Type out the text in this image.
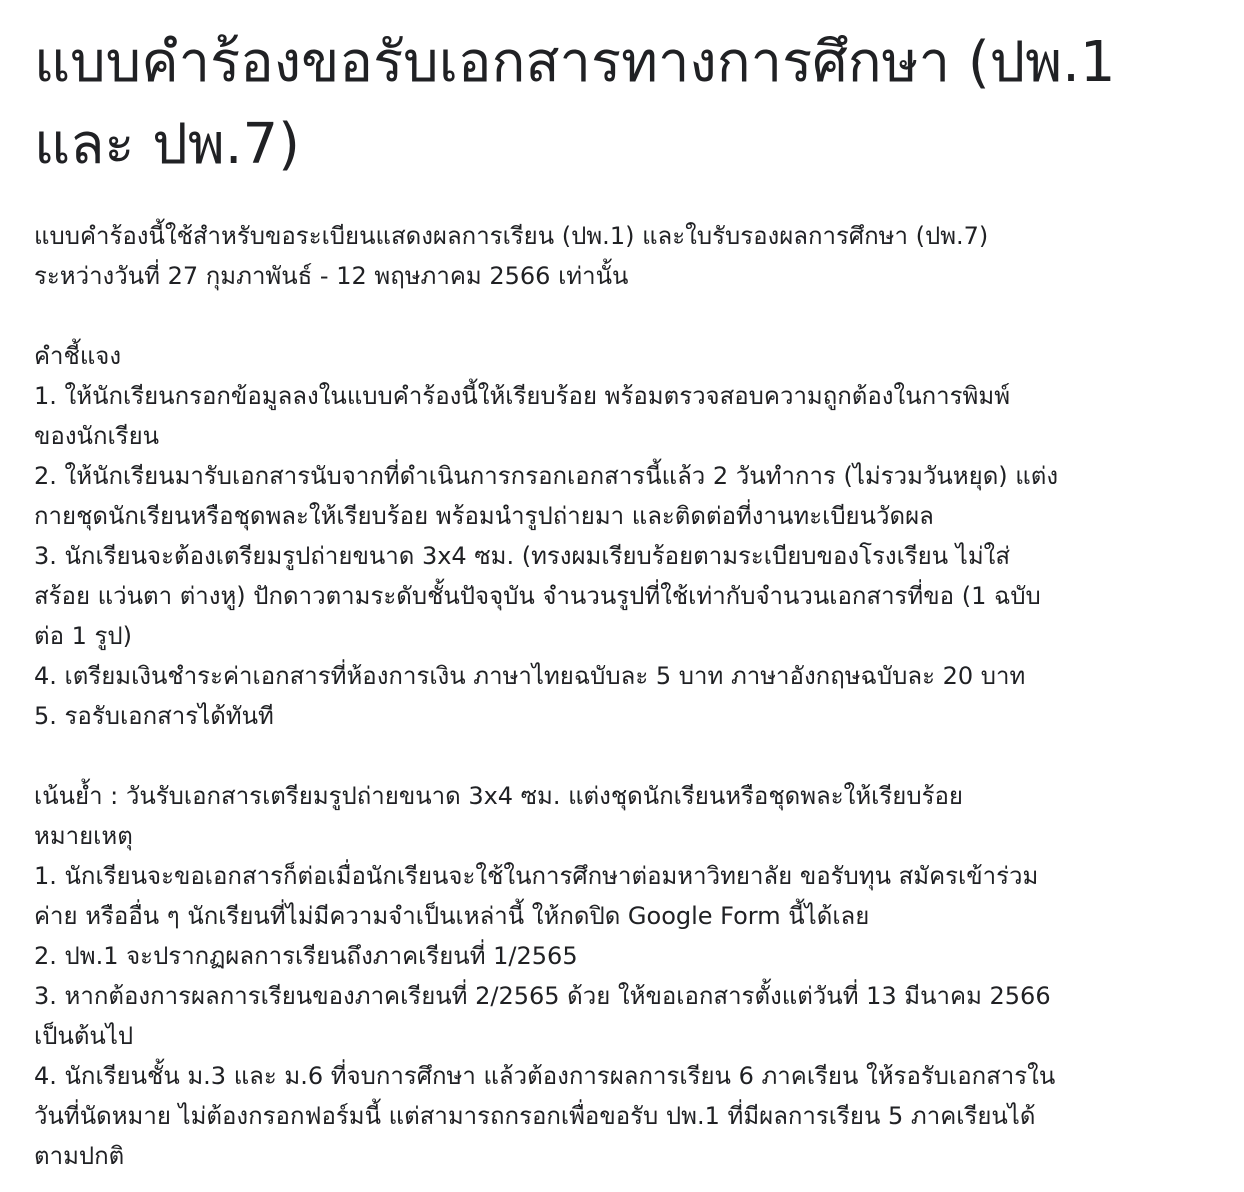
แบบคำร้องขอรับเอกสารทางการศึกษา (ปพ.1
และ ปพ.7)
แบบคำร้องนี้ใช้สำหรับขอระเบียนแสดงผลการเรียน (ปพ.1) และใบรับรองผลการศึกษา (ปพ.7)
ระหว่างวันที่ 27 กุมภาพันธ์ - 12 พฤษภาคม 2566 เท่านั้น
คำชี้แจง
1. ให้นักเรียนกรอกข้อมูลลงในแบบคำร้องนี้ให้เรียบร้อย พร้อมตรวจสอบความถูกต้องในการพิมพ์
ของนักเรียน
2. ให้นักเรียนมารับเอกสารนับจากที่ดำเนินการกรอกเอกสารนี้แล้ว 2 วันทำการ (ไม่รวมวันหยุด) แต่ง
กายชุดนักเรียนหรือชุดพละให้เรียบร้อย พร้อมนำรูปถ่ายมา และติดต่อที่งานทะเบียนวัดผล
3. นักเรียนจะต้องเตรียมรูปถ่ายขนาด 3x4 ซม. (ทรงผมเรียบร้อยตามระเบียบของโรงเรียน ไม่ใส่
สร้อย แว่นตา ต่างหู) ปักดาวตามระดับชั้นปัจจุบัน จำนวนรูปที่ใช้เท่ากับจำนวนเอกสารที่ขอ (1 ฉบับ
ต่อ 1 รูป)
4. เตรียมเงินชำระค่าเอกสารที่ห้องการเงิน ภาษาไทยฉบับละ 5 บาท ภาษาอังกฤษฉบับละ 20 บาท
5. รอรับเอกสารได้ทันที
เน้นย้ำ : วันรับเอกสารเตรียมรูปถ่ายขนาด 3x4 ซม. แต่งชุดนักเรียนหรือชุดพละให้เรียบร้อย
หมายเหตุ
1. นักเรียนจะขอเอกสารก็ต่อเมื่อนักเรียนจะใช้ในการศึกษาต่อมหาวิทยาลัย ขอรับทุน สมัครเข้าร่วม
ค่าย หรืออื่น ๆ นักเรียนที่ไม่มีความจำเป็นเหล่านี้ ให้กดปิด Google Form นี้ได้เลย
2. ปพ.1 จะปรากฏผลการเรียนถึงภาคเรียนที่ 1/2565
3. หากต้องการผลการเรียนของภาคเรียนที่ 2/2565 ด้วย ให้ขอเอกสารตั้งแต่วันที่ 13 มีนาคม 2566
เป็นต้นไป
4. นักเรียนชั้น ม.3 และ ม.6 ที่จบการศึกษา แล้วต้องการผลการเรียน 6 ภาคเรียน ให้รอรับเอกสารใน
วันที่นัดหมาย ไม่ต้องกรอกฟอร์มนี้ แต่สามารถกรอกเพื่อขอรับ ปพ.1 ที่มีผลการเรียน 5 ภาคเรียนได้
ตามปกติ
